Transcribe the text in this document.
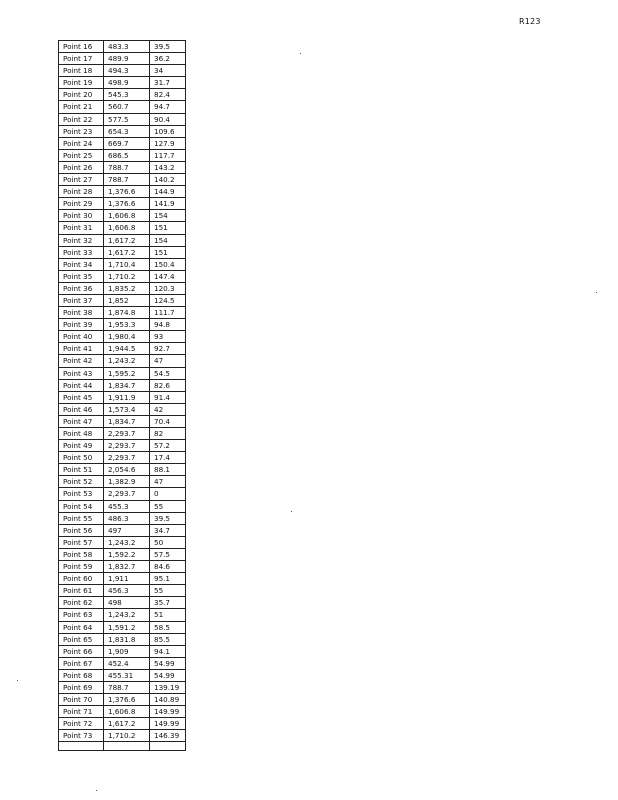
R123
Point 16	483.3	39.5
Point 17	489.9	36.2
Point 18	494.3	34
Point 19	498.9	31.7
Point 20	545.3	82.4
Point 21	560.7	94.7
Point 22	577.5	90.4
Point 23	654.3	109.6
Point 24	669.7	127.9
Point 25	686.5	117.7
Point 26	788.7	143.2
Point 27	788.7	140.2
Point 28	1,376.6	144.9
Point 29	1,376.6	141.9
Point 30	1,606.8	154
Point 31	1,606.8	151
Point 32	1,617.2	154
Point 33	1,617.2	151
Point 34	1,710.4	150.4
Point 35	1,710.2	147.4
Point 36	1,835.2	120.3
Point 37	1,852	124.5
Point 38	1,874.8	111.7
Point 39	1,953.3	94.8
Point 40	1,980.4	93
Point 41	1,944.5	92.7
Point 42	1,243.2	47
Point 43	1,595.2	54.5
Point 44	1,834.7	82.6
Point 45	1,911.9	91.4
Point 46	1,573.4	42
Point 47	1,834.7	70.4
Point 48	2,293.7	82
Point 49	2,293.7	57.2
Point 50	2,293.7	17.4
Point 51	2,054.6	88.1
Point 52	1,382.9	47
Point 53	2,293.7	0
Point 54	455.3	55
Point 55	486.3	39.5
Point 56	497	34.7
Point 57	1,243.2	50
Point 58	1,592.2	57.5
Point 59	1,832.7	84.6
Point 60	1,911	95.1
Point 61	456.3	55
Point 62	498	35.7
Point 63	1,243.2	51
Point 64	1,591.2	58.5
Point 65	1,831.8	85.5
Point 66	1,909	94.1
Point 67	452.4	54.99
Point 68	455.31	54.99
Point 69	788.7	139.19
Point 70	1,376.6	140.89
Point 71	1,606.8	149.99
Point 72	1,617.2	149.99
Point 73	1,710.2	146.39
